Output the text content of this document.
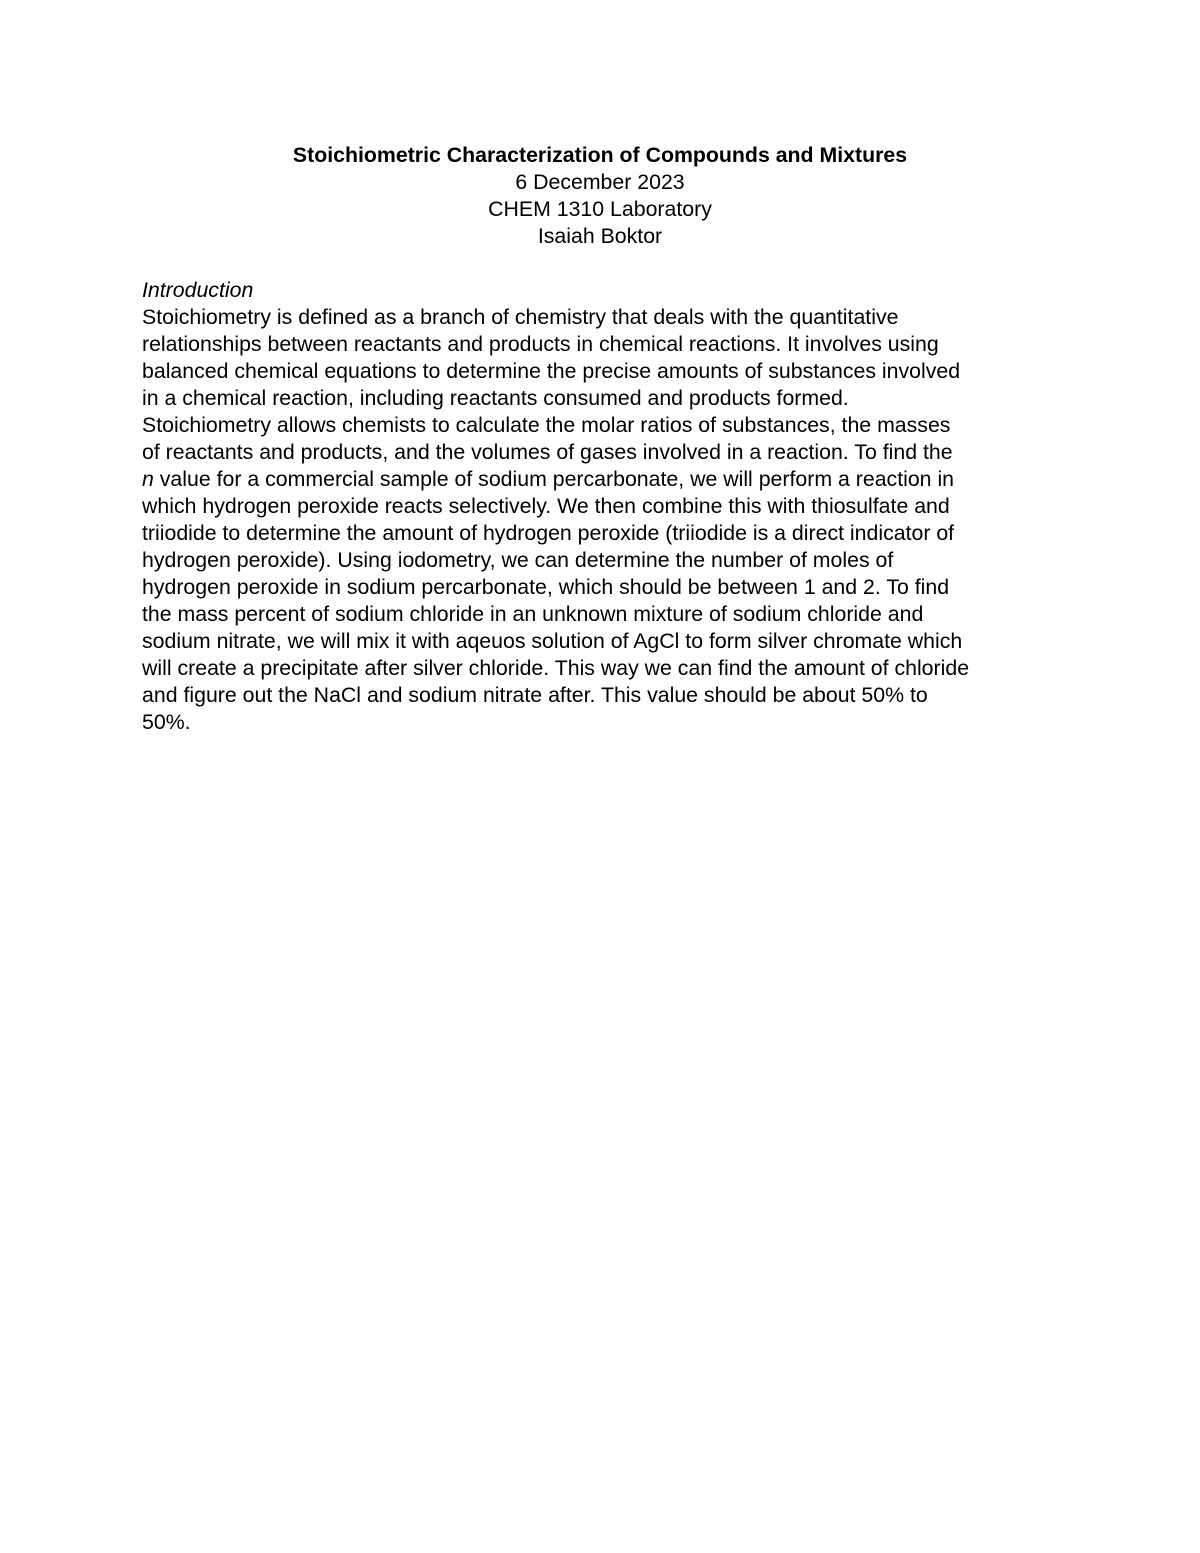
Stoichiometric Characterization of Compounds and Mixtures

6 December 2023

CHEM 1310 Laboratory

Isaiah Boktor

Introduction

Stoichiometry is defined as a branch of chemistry that deals with the quantitative
relationships between reactants and products in chemical reactions. It involves using
balanced chemical equations to determine the precise amounts of substances involved
in a chemical reaction, including reactants consumed and products formed.
Stoichiometry allows chemists to calculate the molar ratios of substances, the masses
of reactants and products, and the volumes of gases involved in a reaction. To find the
n value for a commercial sample of sodium percarbonate, we will perform a reaction in
which hydrogen peroxide reacts selectively. We then combine this with thiosulfate and
triiodide to determine the amount of hydrogen peroxide (triiodide is a direct indicator of
hydrogen peroxide). Using iodometry, we can determine the number of moles of
hydrogen peroxide in sodium percarbonate, which should be between 1 and 2. To find
the mass percent of sodium chloride in an unknown mixture of sodium chloride and
sodium nitrate, we will mix it with aqeuos solution of AgCl to form silver chromate which
will create a precipitate after silver chloride. This way we can find the amount of chloride
and figure out the NaCl and sodium nitrate after. This value should be about 50% to
50%.
